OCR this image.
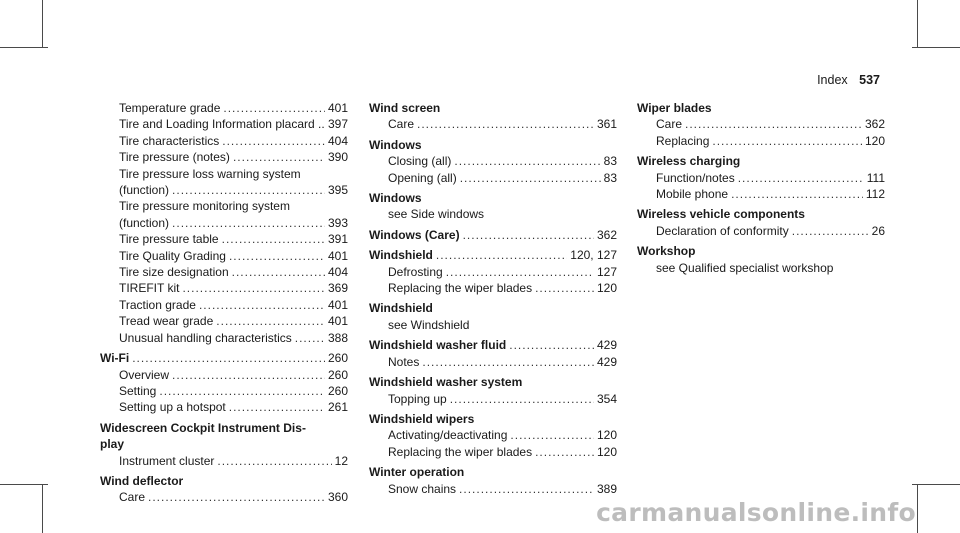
Index 537
Temperature grade .....	401
Tire and Loading Information placard .. 397
Tire characteristics .....	404
Tire pressure (notes) .....	390
Tire pressure loss warning system
(function) .....	395
Tire pressure monitoring system
(function) .....	393
Tire pressure table .....	391
Tire Quality Grading .....	401
Tire size designation .....	404
TIREFIT kit .....	369
Traction grade .....	401
Tread wear grade .....	401
Unusual handling characteristics .....	388
Wi-Fi .....	260
Overview .....	260
Setting .....	260
Setting up a hotspot .....	261
Widescreen Cockpit Instrument Dis-
play
Instrument cluster .....	12
Wind deflector
Care .....	360
Wind screen
Care .....	361
Windows
Closing (all) .....	83
Opening (all) .....	83
Windows
see Side windows
Windows (Care) .....	362
Windshield .....	120, 127
Defrosting .....	127
Replacing the wiper blades .....	120
Windshield
see Windshield
Windshield washer fluid .....	429
Notes .....	429
Windshield washer system
Topping up .....	354
Windshield wipers
Activating/deactivating .....	120
Replacing the wiper blades .....	120
Winter operation
Snow chains .....	389
Wiper blades
Care .....	362
Replacing .....	120
Wireless charging
Function/notes .....	111
Mobile phone .....	112
Wireless vehicle components
Declaration of conformity .....	26
Workshop
see Qualified specialist workshop
carmanualsonline.info
